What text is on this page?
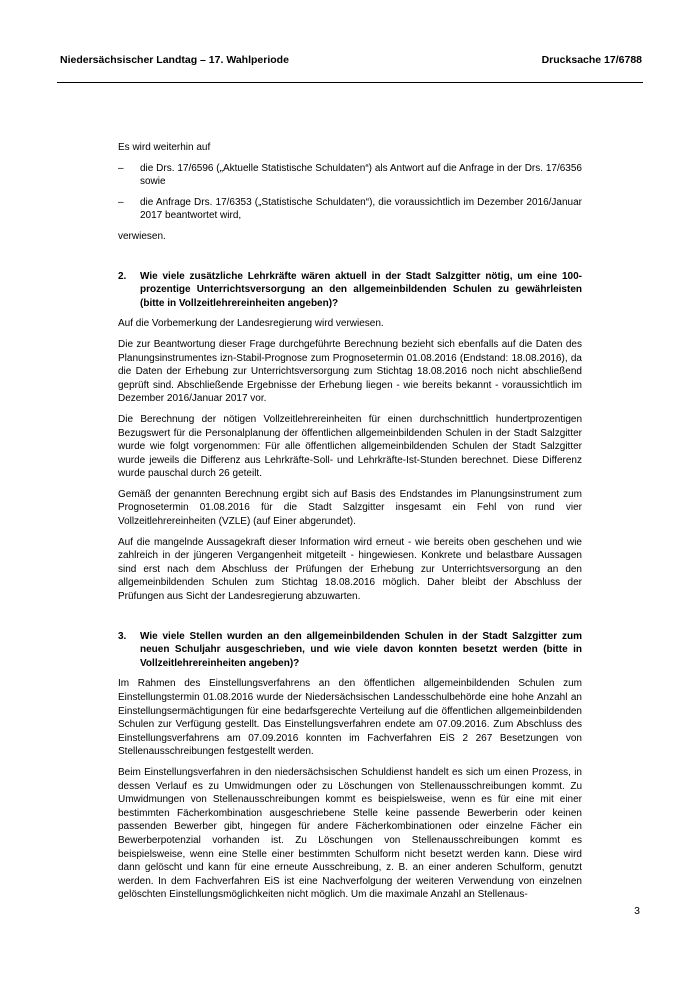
Niedersächsischer Landtag – 17. Wahlperiode	Drucksache 17/6788

Es wird weiterhin auf

– die Drs. 17/6596 („Aktuelle Statistische Schuldaten“) als Antwort auf die Anfrage in der Drs. 17/6356 sowie
– die Anfrage Drs. 17/6353 („Statistische Schuldaten“), die voraussichtlich im Dezember 2016/Januar 2017 beantwortet wird,

verwiesen.

2. Wie viele zusätzliche Lehrkräfte wären aktuell in der Stadt Salzgitter nötig, um eine 100-prozentige Unterrichtsversorgung an den allgemeinbildenden Schulen zu gewährleisten (bitte in Vollzeitlehrereinheiten angeben)?

Auf die Vorbemerkung der Landesregierung wird verwiesen.

Die zur Beantwortung dieser Frage durchgeführte Berechnung bezieht sich ebenfalls auf die Daten des Planungsinstrumentes izn-Stabil-Prognose zum Prognosetermin 01.08.2016 (Endstand: 18.08.2016), da die Daten der Erhebung zur Unterrichtsversorgung zum Stichtag 18.08.2016 noch nicht abschließend geprüft sind. Abschließende Ergebnisse der Erhebung liegen - wie bereits bekannt - voraussichtlich im Dezember 2016/Januar 2017 vor.

Die Berechnung der nötigen Vollzeitlehrereinheiten für einen durchschnittlich hundertprozentigen Bezugswert für die Personalplanung der öffentlichen allgemeinbildenden Schulen in der Stadt Salzgitter wurde wie folgt vorgenommen: Für alle öffentlichen allgemeinbildenden Schulen der Stadt Salzgitter wurde jeweils die Differenz aus Lehrkräfte-Soll- und Lehrkräfte-Ist-Stunden berechnet. Diese Differenz wurde pauschal durch 26 geteilt.

Gemäß der genannten Berechnung ergibt sich auf Basis des Endstandes im Planungsinstrument zum Prognosetermin 01.08.2016 für die Stadt Salzgitter insgesamt ein Fehl von rund vier Vollzeitlehrereinheiten (VZLE) (auf Einer abgerundet).

Auf die mangelnde Aussagekraft dieser Information wird erneut - wie bereits oben geschehen und wie zahlreich in der jüngeren Vergangenheit mitgeteilt - hingewiesen. Konkrete und belastbare Aussagen sind erst nach dem Abschluss der Prüfungen der Erhebung zur Unterrichtsversorgung an den allgemeinbildenden Schulen zum Stichtag 18.08.2016 möglich. Daher bleibt der Abschluss der Prüfungen aus Sicht der Landesregierung abzuwarten.

3. Wie viele Stellen wurden an den allgemeinbildenden Schulen in der Stadt Salzgitter zum neuen Schuljahr ausgeschrieben, und wie viele davon konnten besetzt werden (bitte in Vollzeitlehrereinheiten angeben)?

Im Rahmen des Einstellungsverfahrens an den öffentlichen allgemeinbildenden Schulen zum Einstellungstermin 01.08.2016 wurde der Niedersächsischen Landesschulbehörde eine hohe Anzahl an Einstellungsermächtigungen für eine bedarfsgerechte Verteilung auf die öffentlichen allgemeinbildenden Schulen zur Verfügung gestellt. Das Einstellungsverfahren endete am 07.09.2016. Zum Abschluss des Einstellungsverfahrens am 07.09.2016 konnten im Fachverfahren EiS 2 267 Besetzungen von Stellenausschreibungen festgestellt werden.

Beim Einstellungsverfahren in den niedersächsischen Schuldienst handelt es sich um einen Prozess, in dessen Verlauf es zu Umwidmungen oder zu Löschungen von Stellenausschreibungen kommt. Zu Umwidmungen von Stellenausschreibungen kommt es beispielsweise, wenn es für eine mit einer bestimmten Fächerkombination ausgeschriebene Stelle keine passende Bewerberin oder keinen passenden Bewerber gibt, hingegen für andere Fächerkombinationen oder einzelne Fächer ein Bewerberpotenzial vorhanden ist. Zu Löschungen von Stellenausschreibungen kommt es beispielsweise, wenn eine Stelle einer bestimmten Schulform nicht besetzt werden kann. Diese wird dann gelöscht und kann für eine erneute Ausschreibung, z. B. an einer anderen Schulform, genutzt werden. In dem Fachverfahren EiS ist eine Nachverfolgung der weiteren Verwendung von einzelnen gelöschten Einstellungsmöglichkeiten nicht möglich. Um die maximale Anzahl an Stellenaus-

3
